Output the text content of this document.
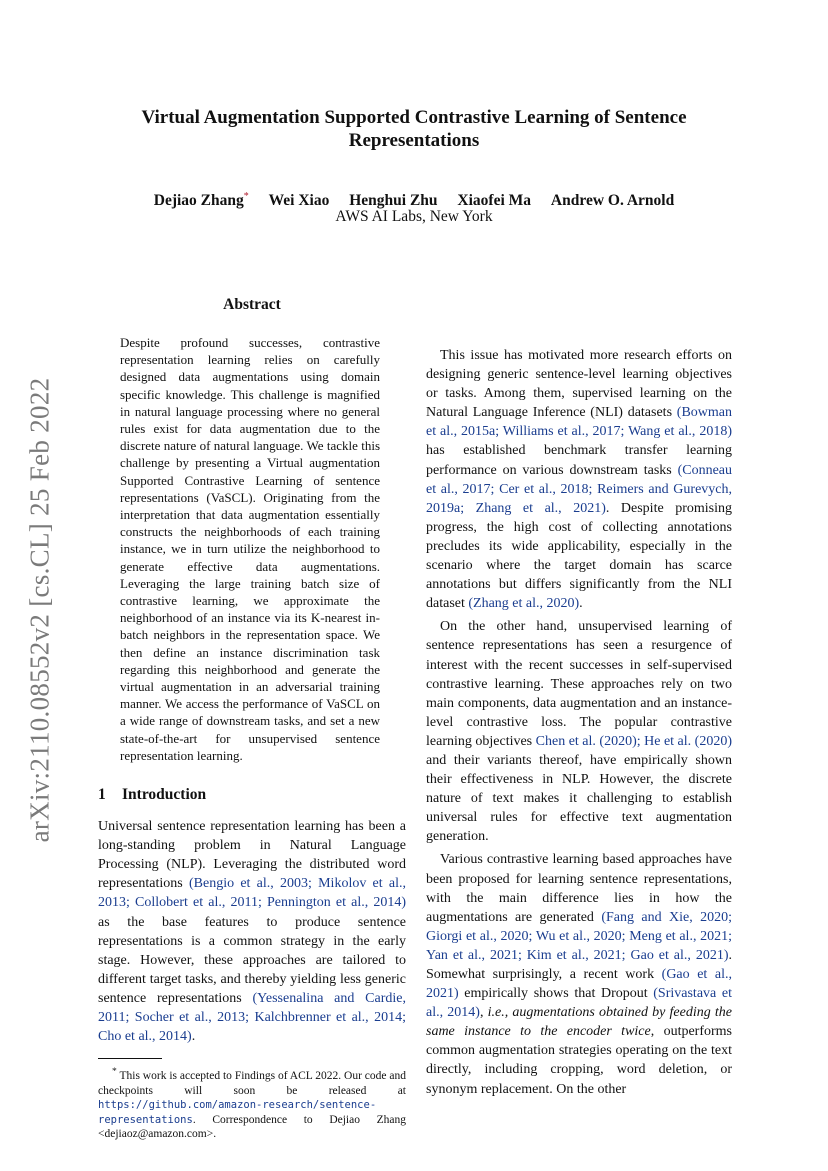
arXiv:2110.08552v2 [cs.CL] 25 Feb 2022
Virtual Augmentation Supported Contrastive Learning of Sentence Representations
Dejiao Zhang* Wei Xiao Henghui Zhu Xiaofei Ma Andrew O. Arnold
AWS AI Labs, New York
Abstract

Despite profound successes, contrastive representation learning relies on carefully designed data augmentations using domain specific knowledge. This challenge is magnified in natural language processing where no general rules exist for data augmentation due to the discrete nature of natural language. We tackle this challenge by presenting a Virtual augmentation Supported Contrastive Learning of sentence representations (VaSCL). Originating from the interpretation that data augmentation essentially constructs the neighborhoods of each training instance, we in turn utilize the neighborhood to generate effective data augmentations. Leveraging the large training batch size of contrastive learning, we approximate the neighborhood of an instance via its K-nearest in-batch neighbors in the representation space. We then define an instance discrimination task regarding this neighborhood and generate the virtual augmentation in an adversarial training manner. We access the performance of VaSCL on a wide range of downstream tasks, and set a new state-of-the-art for unsupervised sentence representation learning.

1 Introduction

Universal sentence representation learning has been a long-standing problem in Natural Language Processing (NLP). Leveraging the distributed word representations (Bengio et al., 2003; Mikolov et al., 2013; Collobert et al., 2011; Pennington et al., 2014) as the base features to produce sentence representations is a common strategy in the early stage. However, these approaches are tailored to different target tasks, and thereby yielding less generic sentence representations (Yessenalina and Cardie, 2011; Socher et al., 2013; Kalchbrenner et al., 2014; Cho et al., 2014).

* This work is accepted to Findings of ACL 2022. Our code and checkpoints will soon be released at https://github.com/amazon-research/sentence-representations. Correspondence to Dejiao Zhang <dejiaoz@amazon.com>.

This issue has motivated more research efforts on designing generic sentence-level learning objectives or tasks. Among them, supervised learning on the Natural Language Inference (NLI) datasets (Bowman et al., 2015a; Williams et al., 2017; Wang et al., 2018) has established benchmark transfer learning performance on various downstream tasks (Conneau et al., 2017; Cer et al., 2018; Reimers and Gurevych, 2019a; Zhang et al., 2021). Despite promising progress, the high cost of collecting annotations precludes its wide applicability, especially in the scenario where the target domain has scarce annotations but differs significantly from the NLI dataset (Zhang et al., 2020).

On the other hand, unsupervised learning of sentence representations has seen a resurgence of interest with the recent successes in self-supervised contrastive learning. These approaches rely on two main components, data augmentation and an instance-level contrastive loss. The popular contrastive learning objectives Chen et al. (2020); He et al. (2020) and their variants thereof, have empirically shown their effectiveness in NLP. However, the discrete nature of text makes it challenging to establish universal rules for effective text augmentation generation.

Various contrastive learning based approaches have been proposed for learning sentence representations, with the main difference lies in how the augmentations are generated (Fang and Xie, 2020; Giorgi et al., 2020; Wu et al., 2020; Meng et al., 2021; Yan et al., 2021; Kim et al., 2021; Gao et al., 2021). Somewhat surprisingly, a recent work (Gao et al., 2021) empirically shows that Dropout (Srivastava et al., 2014), i.e., augmentations obtained by feeding the same instance to the encoder twice, outperforms common augmentation strategies operating on the text directly, including cropping, word deletion, or synonym replacement. On the other
